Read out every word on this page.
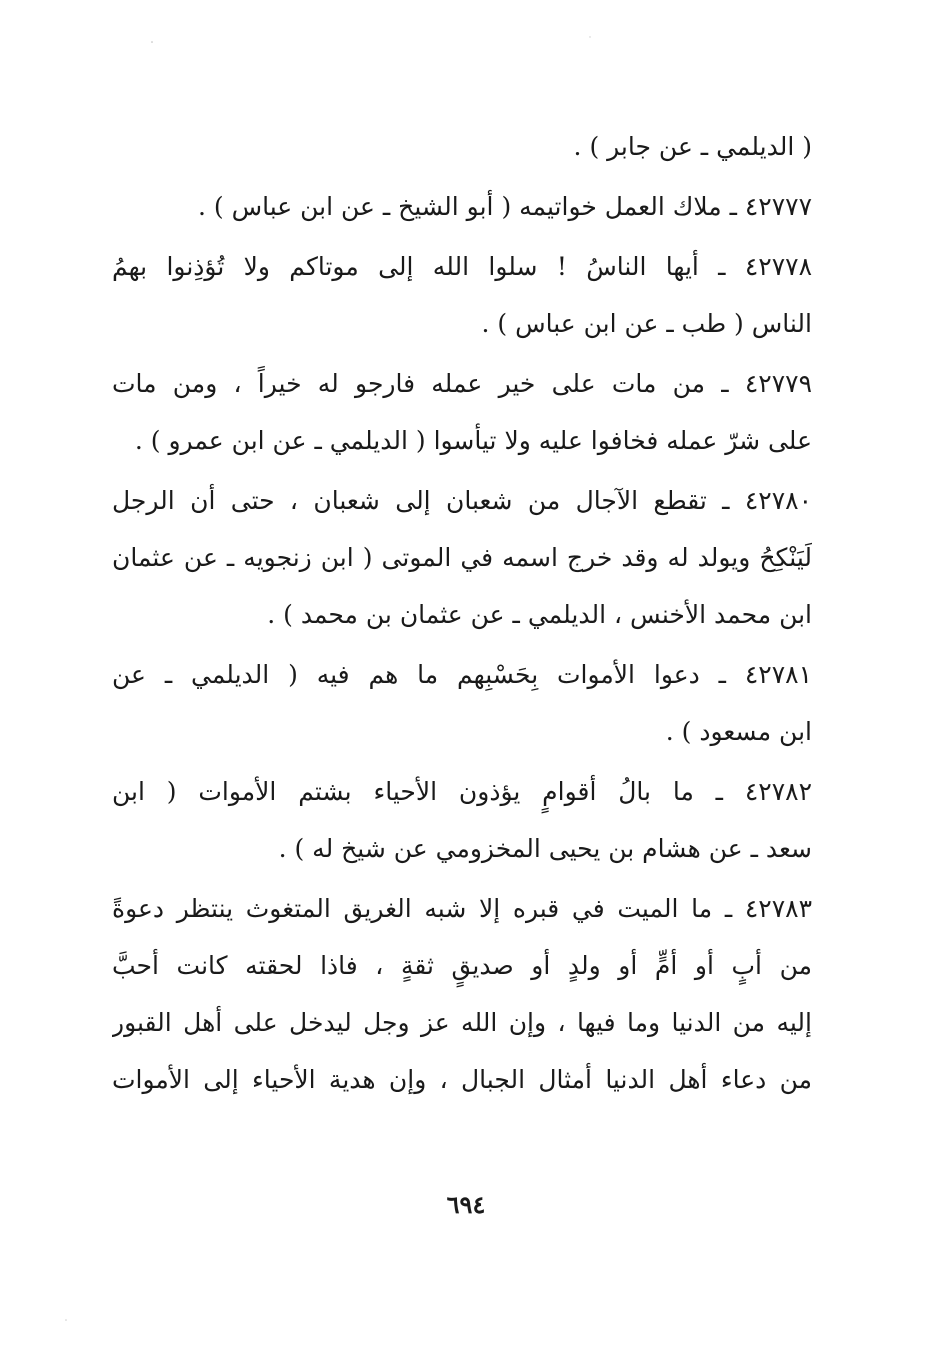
( الديلمي ـ عن جابر ) .
٤٢٧٧٧ ـ ملاك العمل خواتيمه ( أبو الشيخ ـ عن ابن عباس ) .
٤٢٧٧٨ ـ أيها الناسُ ! سلوا الله إلى موتاكم ولا تُؤذِنوا بهمُ
الناس ( طب ـ عن ابن عباس ) .
٤٢٧٧٩ ـ من مات على خير عمله فارجو له خيراً ، ومن مات
على شرّ عمله فخافوا عليه ولا تيأسوا ( الديلمي ـ عن ابن عمرو ) .
٤٢٧٨٠ ـ تقطع الآجال من شعبان إلى شعبان ، حتى أن الرجل
لَيَنْكِحُ ويولد له وقد خرج اسمه في الموتى ( ابن زنجويه ـ عن عثمان
ابن محمد الأخنس ، الديلمي ـ عن عثمان بن محمد ) .
٤٢٧٨١ ـ دعوا الأموات بِحَسْبِهم ما هم فيه ( الديلمي ـ عن
ابن مسعود ) .
٤٢٧٨٢ ـ ما بالُ أقوامٍ يؤذون الأحياء بشتم الأموات ( ابن
سعد ـ عن هشام بن يحيى المخزومي عن شيخ له ) .
٤٢٧٨٣ ـ ما الميت في قبره إلا شبه الغريق المتغوث ينتظر دعوةً
من أبٍ أو أمٍّ أو ولدٍ أو صديقٍ ثقةٍ ، فاذا لحقته كانت أحبَّ
إليه من الدنيا وما فيها ، وإن الله عز وجل ليدخل على أهل القبور
من دعاء أهل الدنيا أمثال الجبال ، وإن هدية الأحياء إلى الأموات
٦٩٤
